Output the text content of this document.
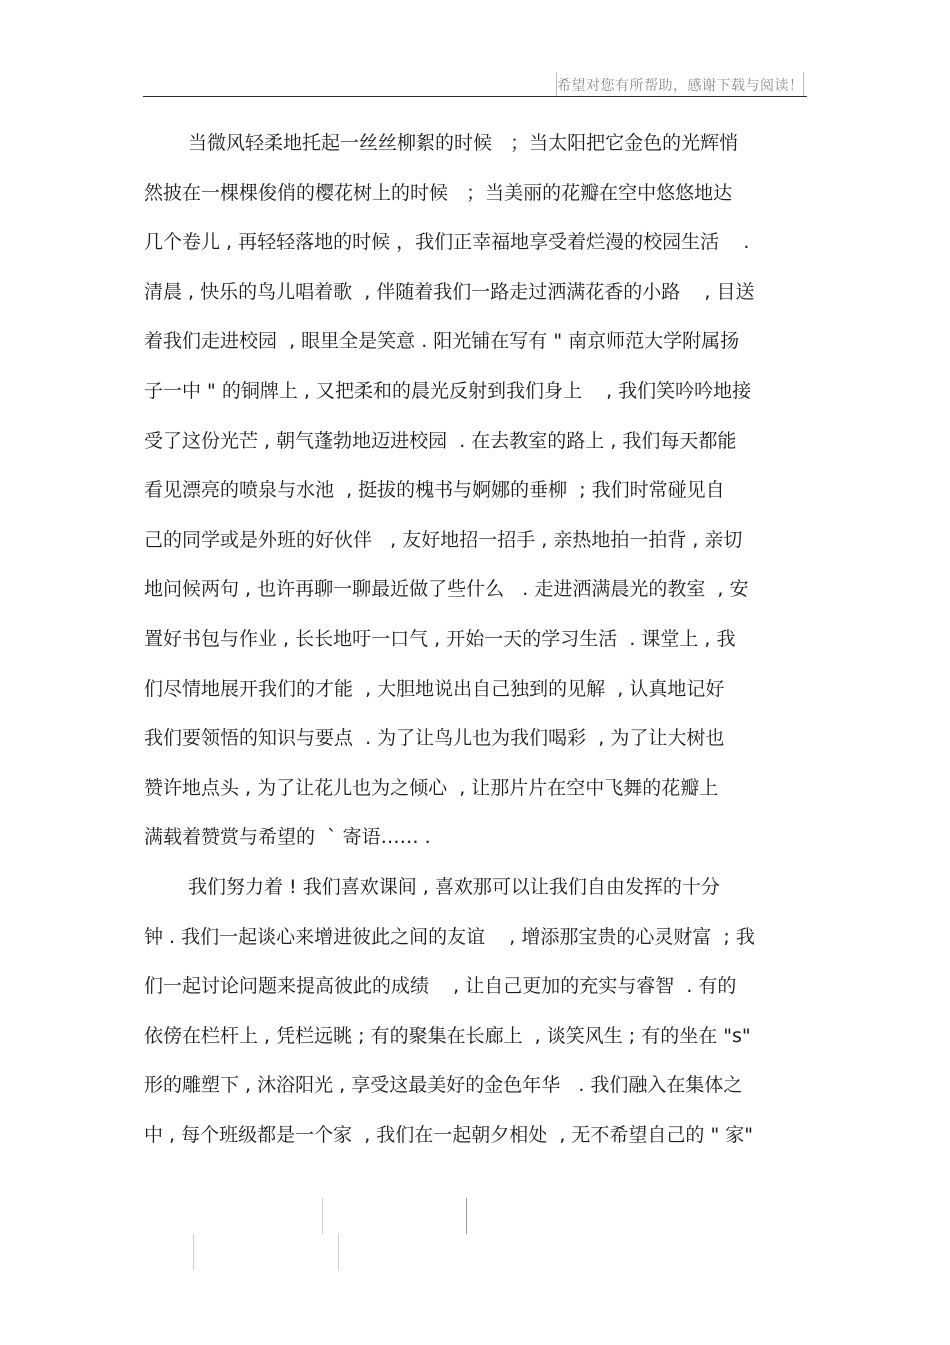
希望对您有所帮助，感谢下载与阅读！
当微风轻柔地托起一丝丝柳絮的时候   ；当太阳把它金色的光辉悄
然披在一棵棵俊俏的樱花树上的时候   ；当美丽的花瓣在空中悠悠地达
几个卷儿 , 再轻轻落地的时候 ，我们正幸福地享受着烂漫的校园生活    .
清晨 , 快乐的鸟儿唱着歌  , 伴随着我们一路走过洒满花香的小路    , 目送
着我们走进校园  , 眼里全是笑意 . 阳光铺在写有 " 南京师范大学附属扬
子一中 " 的铜牌上 , 又把柔和的晨光反射到我们身上    , 我们笑吟吟地接
受了这份光芒 , 朝气蓬勃地迈进校园  . 在去教室的路上 , 我们每天都能
看见漂亮的喷泉与水池  , 挺拔的槐书与婀娜的垂柳  ; 我们时常碰见自
己的同学或是外班的好伙伴   , 友好地招一招手 , 亲热地拍一拍背 , 亲切
地问候两句 , 也许再聊一聊最近做了些什么   . 走进洒满晨光的教室  , 安
置好书包与作业 , 长长地吁一口气 , 开始一天的学习生活  . 课堂上 , 我
们尽情地展开我们的才能  , 大胆地说出自己独到的见解  , 认真地记好
我们要领悟的知识与要点  . 为了让鸟儿也为我们喝彩  , 为了让大树也
赞许地点头 , 为了让花儿也为之倾心  , 让那片片在空中飞舞的花瓣上
满载着赞赏与希望的  ` 寄语…… .
我们努力着 ! 我们喜欢课间 , 喜欢那可以让我们自由发挥的十分
钟 . 我们一起谈心来增进彼此之间的友谊    , 增添那宝贵的心灵财富  ; 我
们一起讨论问题来提高彼此的成绩    , 让自己更加的充实与睿智  . 有的
依傍在栏杆上 , 凭栏远眺 ; 有的聚集在长廊上  , 谈笑风生 ; 有的坐在 "s"
形的雕塑下 , 沐浴阳光 , 享受这最美好的金色年华   . 我们融入在集体之
中 , 每个班级都是一个家  , 我们在一起朝夕相处  , 无不希望自己的 " 家"
